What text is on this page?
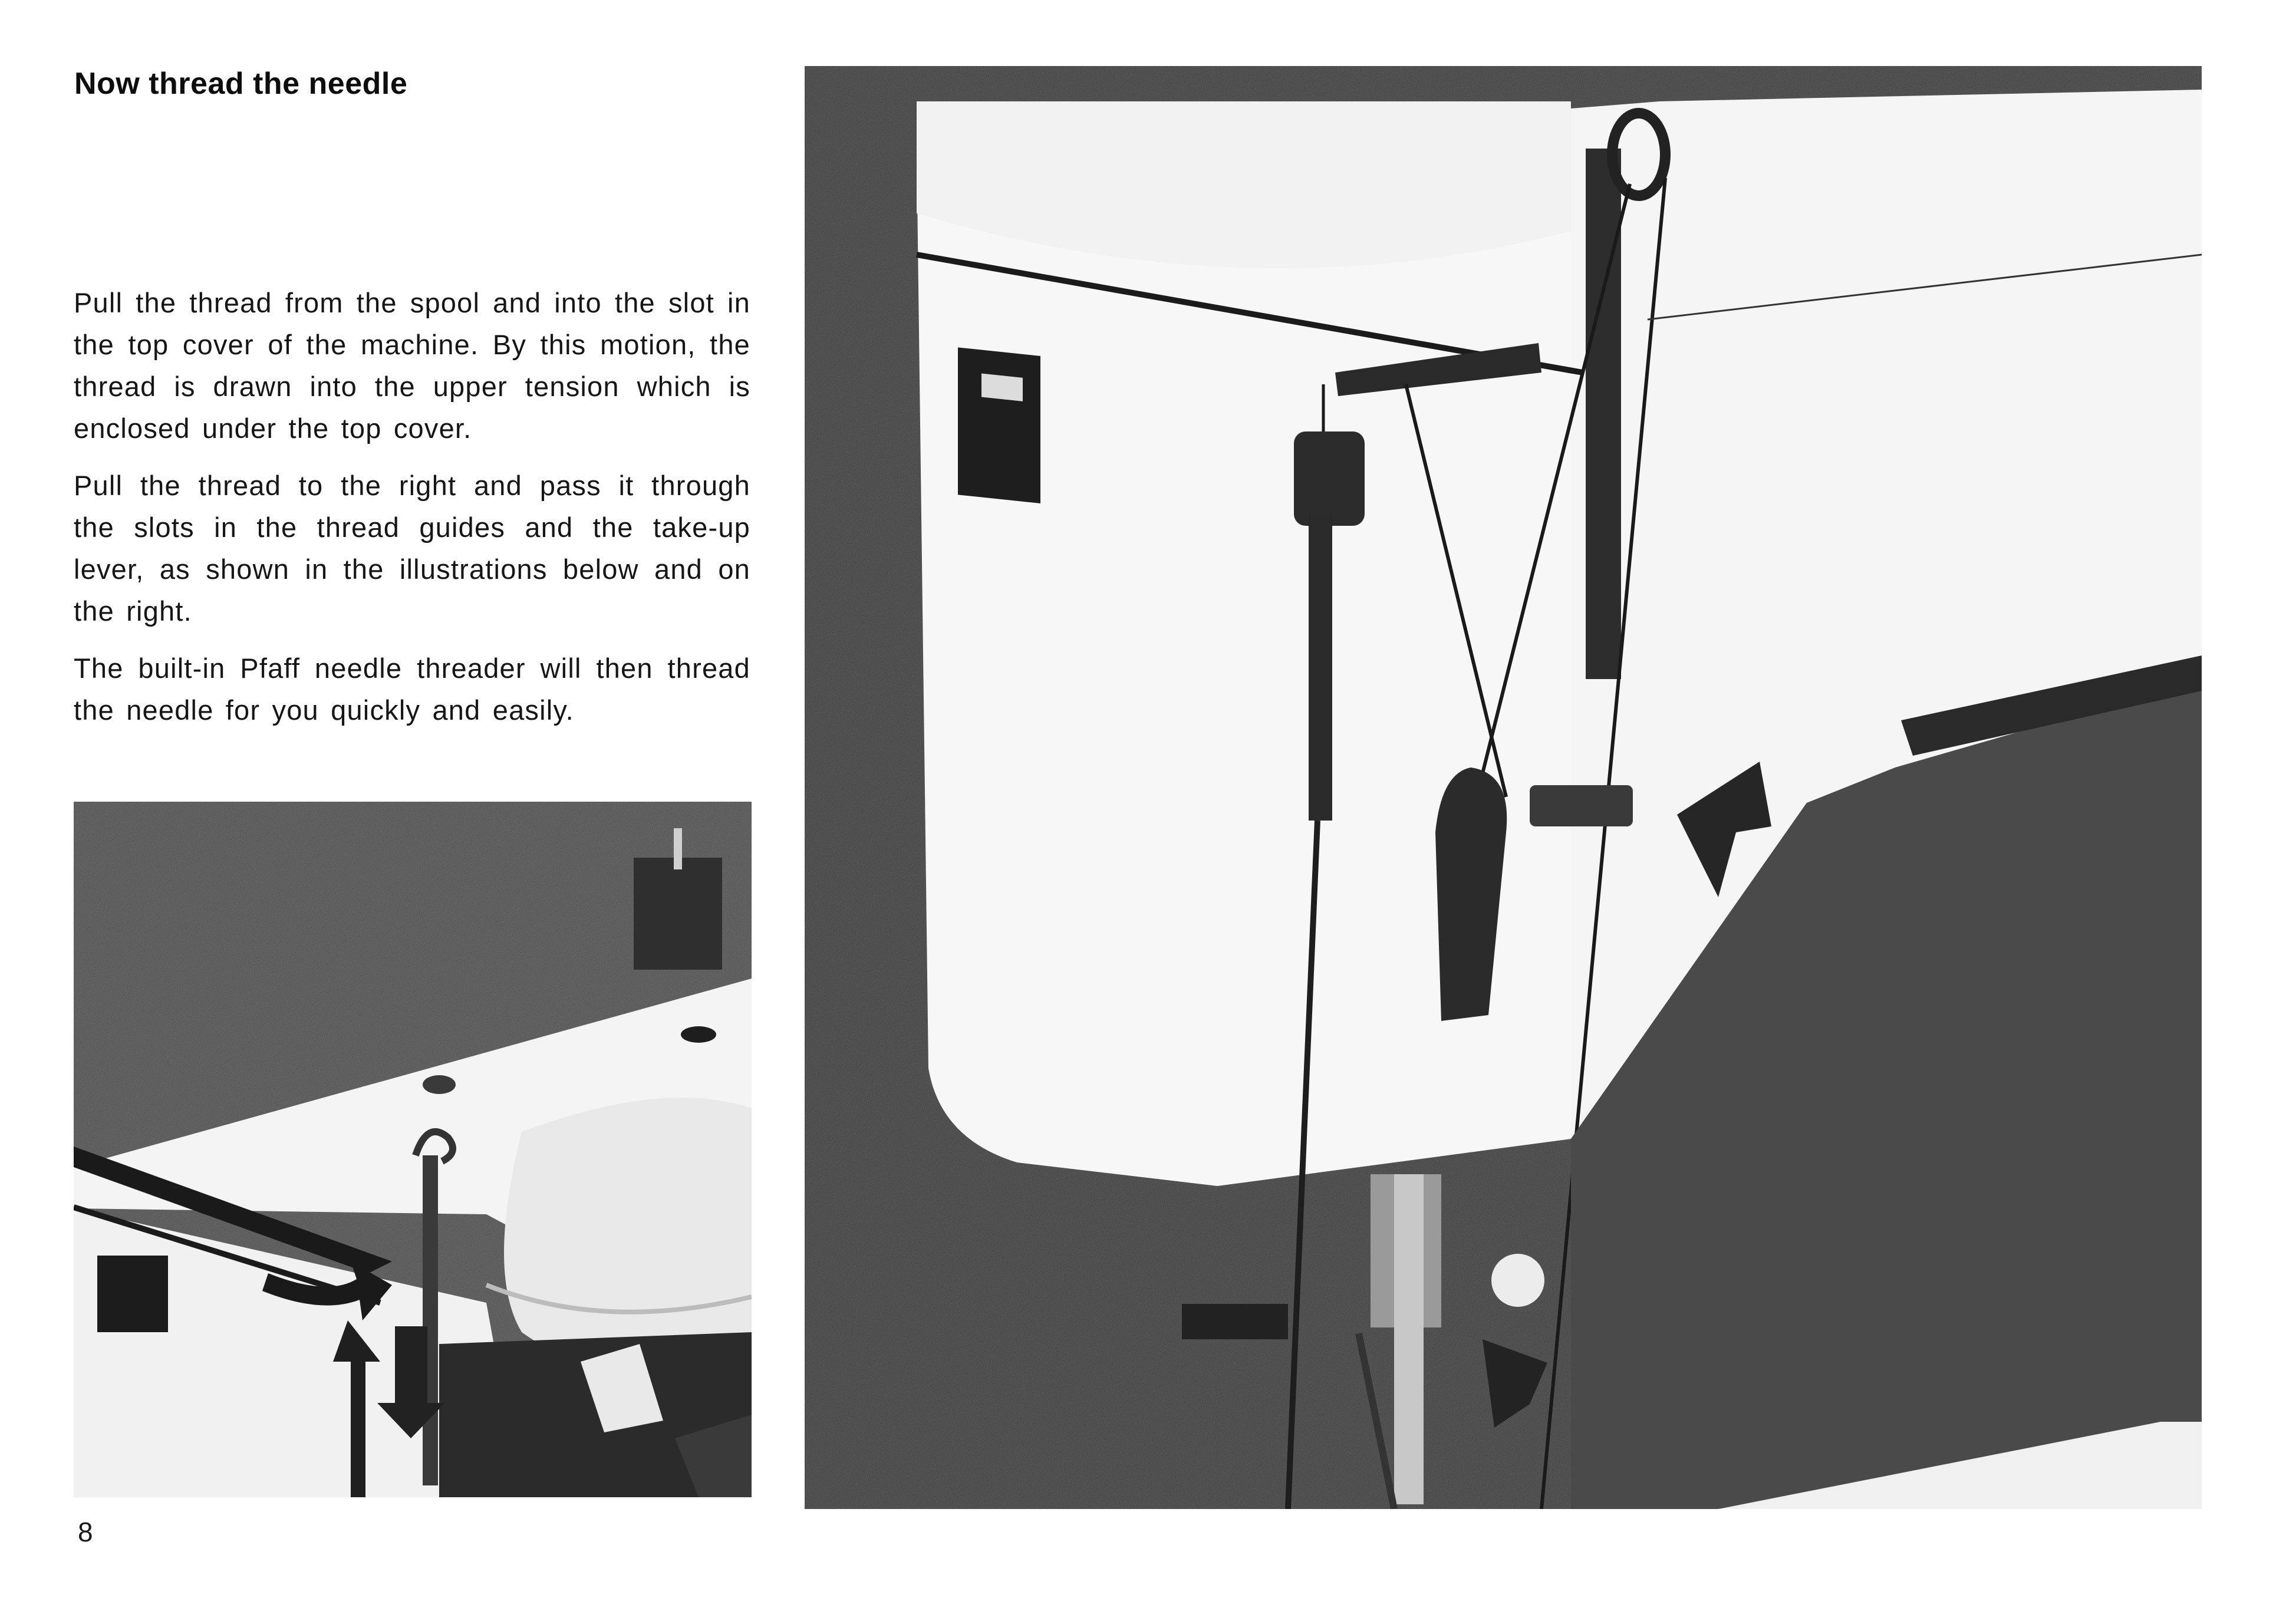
Now thread the needle

Pull the thread from the spool and into the slot in the top cover of the machine. By this motion, the thread is drawn into the upper tension which is enclosed under the top cover.

Pull the thread to the right and pass it through the slots in the thread guides and the take-up lever, as shown in the illustrations below and on the right.

The built-in Pfaff needle threader will then thread the needle for you quickly and easily.

8
